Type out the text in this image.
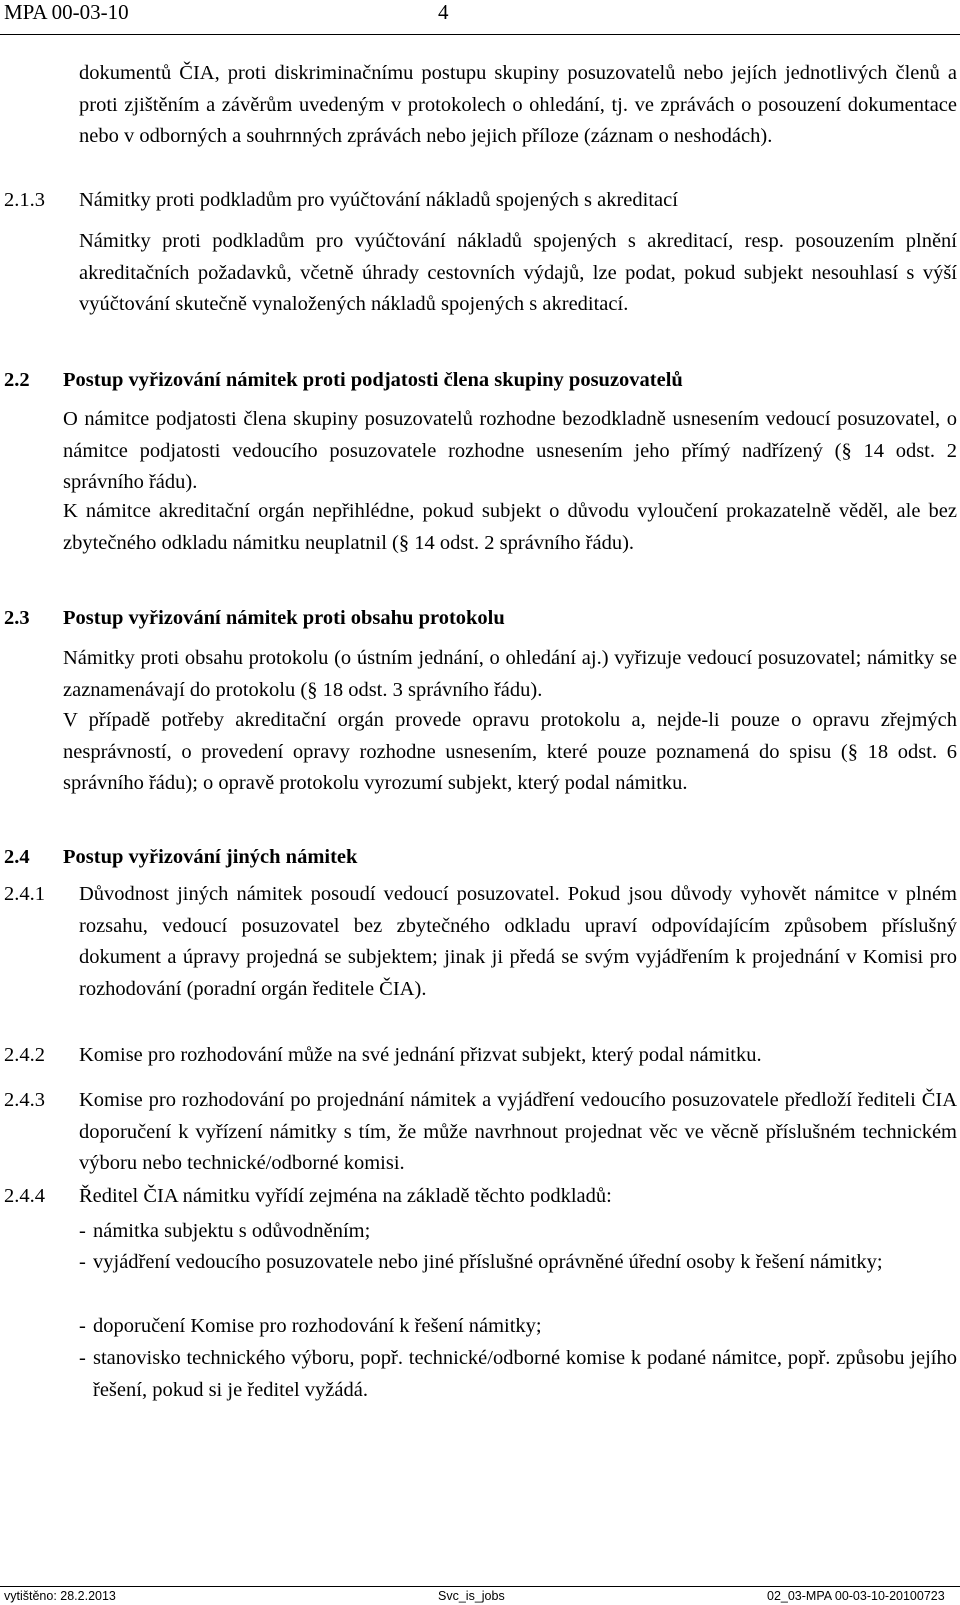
MPA 00-03-10	4
dokumentů ČIA, proti diskriminačnímu postupu skupiny posuzovatelů nebo jejích jednotlivých členů a proti zjištěním a závěrům uvedeným v protokolech o ohledání, tj. ve zprávách o posouzení dokumentace nebo v odborných a souhrnných zprávách nebo jejich příloze (záznam o neshodách).
2.1.3 Námitky proti podkladům pro vyúčtování nákladů spojených s akreditací
Námitky proti podkladům pro vyúčtování nákladů spojených s akreditací, resp. posouzením plnění akreditačních požadavků, včetně úhrady cestovních výdajů, lze podat, pokud subjekt nesouhlasí s výší vyúčtování skutečně vynaložených nákladů spojených s akreditací.
2.2 Postup vyřizování námitek proti podjatosti člena skupiny posuzovatelů
O námitce podjatosti člena skupiny posuzovatelů rozhodne bezodkladně usnesením vedoucí posuzovatel, o námitce podjatosti vedoucího posuzovatele rozhodne usnesením jeho přímý nadřízený (§ 14 odst. 2 správního řádu).
K námitce akreditační orgán nepřihlédne, pokud subjekt o důvodu vyloučení prokazatelně věděl, ale bez zbytečného odkladu námitku neuplatnil (§ 14 odst. 2 správního řádu).
2.3 Postup vyřizování námitek proti obsahu protokolu
Námitky proti obsahu protokolu (o ústním jednání, o ohledání aj.) vyřizuje vedoucí posuzovatel; námitky se zaznamenávají do protokolu (§ 18 odst. 3 správního řádu).
V případě potřeby akreditační orgán provede opravu protokolu a, nejde-li pouze o opravu zřejmých nesprávností, o provedení opravy rozhodne usnesením, které pouze poznamená do spisu (§ 18 odst. 6 správního řádu); o opravě protokolu vyrozumí subjekt, který podal námitku.
2.4 Postup vyřizování jiných námitek
2.4.1 Důvodnost jiných námitek posoudí vedoucí posuzovatel. Pokud jsou důvody vyhovět námitce v plném rozsahu, vedoucí posuzovatel bez zbytečného odkladu upraví odpovídajícím způsobem příslušný dokument a úpravy projedná se subjektem; jinak ji předá se svým vyjádřením k projednání v Komisi pro rozhodování (poradní orgán ředitele ČIA).
2.4.2 Komise pro rozhodování může na své jednání přizvat subjekt, který podal námitku.
2.4.3 Komise pro rozhodování po projednání námitek a vyjádření vedoucího posuzovatele předloží řediteli ČIA doporučení k vyřízení námitky s tím, že může navrhnout projednat věc ve věcně příslušném technickém výboru nebo technické/odborné komisi.
2.4.4 Ředitel ČIA námitku vyřídí zejména na základě těchto podkladů:
- námitka subjektu s odůvodněním;
- vyjádření vedoucího posuzovatele nebo jiné příslušné oprávněné úřední osoby k řešení námitky;
- doporučení Komise pro rozhodování k řešení námitky;
- stanovisko technického výboru, popř. technické/odborné komise k podané námitce, popř. způsobu jejího řešení, pokud si je ředitel vyžádá.
vytištěno: 28.2.2013	Svc_is_jobs	02_03-MPA 00-03-10-20100723
